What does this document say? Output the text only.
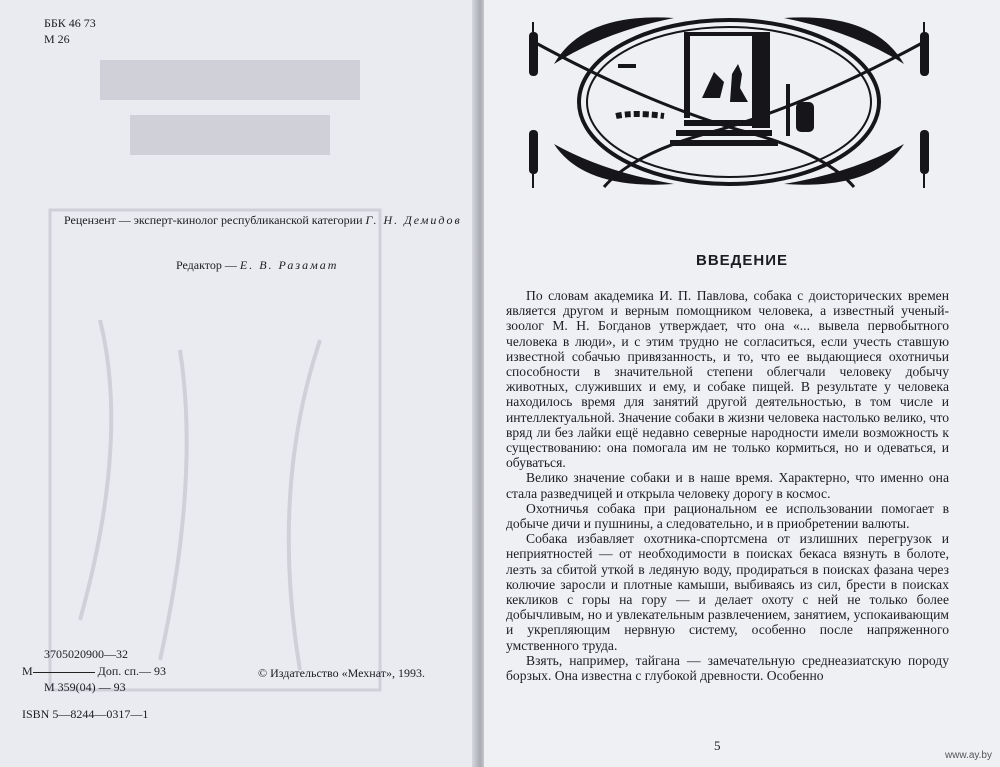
ББК 46 73
М 26
Рецензент — эксперт-кинолог республиканской категории Г. Н. Демидов
Редактор — Е. В. Разамат
3705020900—32
М	Доп. сп.— 93
М 359(04) — 93
© Издательство «Мехнат», 1993.
ISBN 5—8244—0317—1
ВВЕДЕНИЕ

По словам академика И. П. Павлова, собака с доисторических времен является другом и верным помощником человека, а известный ученый-зоолог М. Н. Богданов утверждает, что она «... вывела первобытного человека в люди», и с этим трудно не согласиться, если учесть ставшую известной собачью привязанность, и то, что ее выдающиеся охотничьи способности в значительной степени облегчали человеку добычу животных, служивших и ему, и собаке пищей. В результате у человека находилось время для занятий другой деятельностью, в том числе и интеллектуальной. Значение собаки в жизни человека настолько велико, что вряд ли без лайки ещё недавно северные народности имели возможность к существованию: она помогала им не только кормиться, но и одеваться, и обуваться.

Велико значение собаки и в наше время. Характерно, что именно она стала разведчицей и открыла человеку дорогу в космос.

Охотничья собака при рациональном ее использовании помогает в добыче дичи и пушнины, а следовательно, и в приобретении валюты.

Собака избавляет охотника-спортсмена от излишних перегрузок и неприятностей — от необходимости в поисках бекаса вязнуть в болоте, лезть за сбитой уткой в ледяную воду, продираться в поисках фазана через колючие заросли и плотные камыши, выбиваясь из сил, брести в поисках кекликов с горы на гору — и делает охоту с ней не только более добычливым, но и увлекательным развлечением, занятием, успокаивающим и укрепляющим нервную систему, особенно после напряженного умственного труда.

Взять, например, тайгана — замечательную среднеазиатскую породу борзых. Она известна с глубокой древности. Особенно

5
www.ay.by
